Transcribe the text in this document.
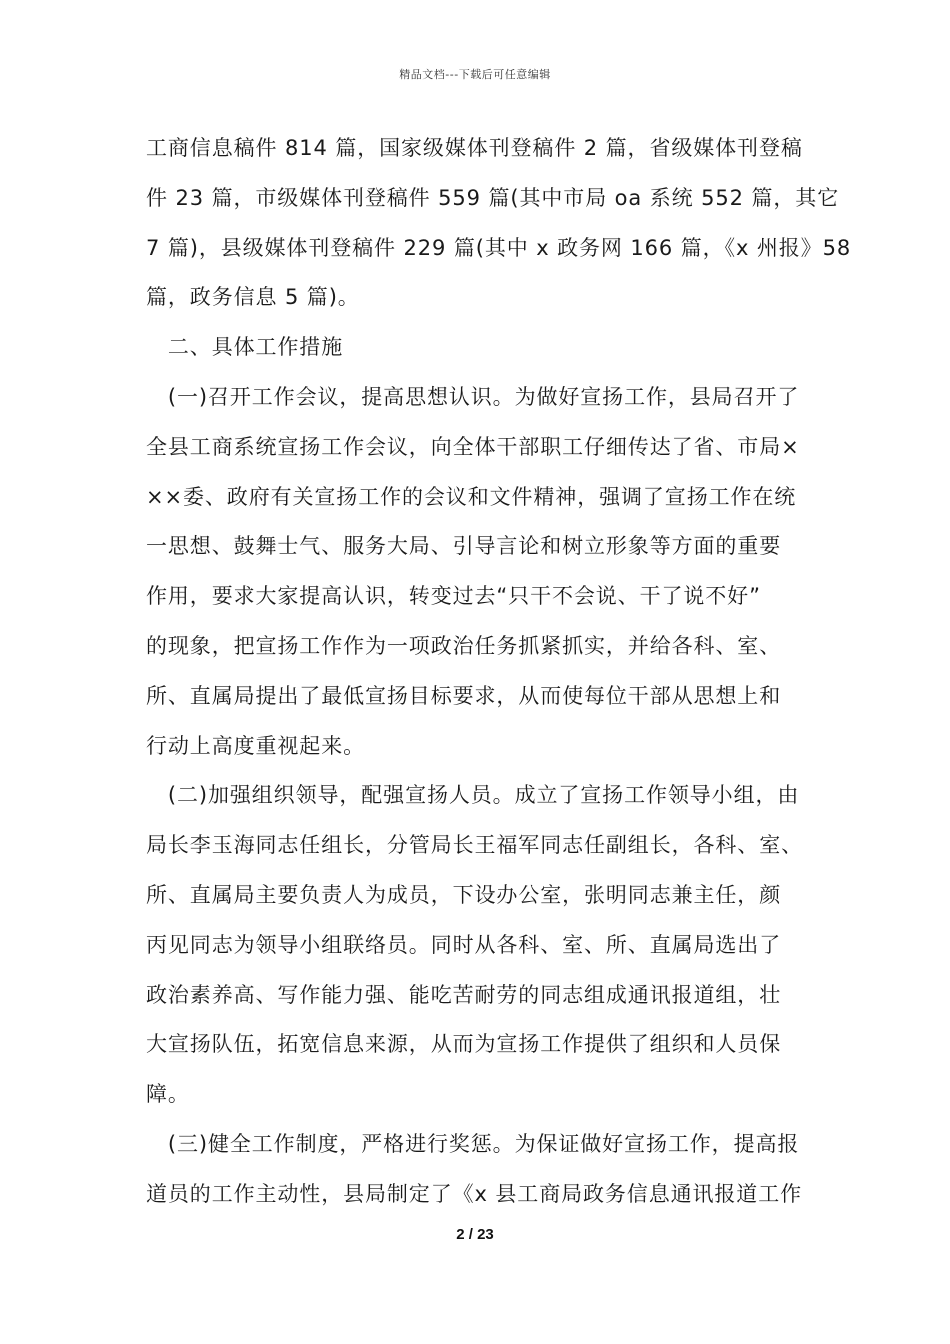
精品文档---下载后可任意编辑
工商信息稿件 814 篇，国家级媒体刊登稿件 2 篇，省级媒体刊登稿
件 23 篇，市级媒体刊登稿件 559 篇(其中市局 oa 系统 552 篇，其它
7 篇)，县级媒体刊登稿件 229 篇(其中 x 政务网 166 篇，《x 州报》58
篇，政务信息 5 篇)。
　二、具体工作措施
　(一)召开工作会议，提高思想认识。为做好宣扬工作，县局召开了
全县工商系统宣扬工作会议，向全体干部职工仔细传达了省、市局×
××委、政府有关宣扬工作的会议和文件精神，强调了宣扬工作在统
一思想、鼓舞士气、服务大局、引导言论和树立形象等方面的重要
作用，要求大家提高认识，转变过去“只干不会说、干了说不好”
的现象，把宣扬工作作为一项政治任务抓紧抓实，并给各科、室、
所、直属局提出了最低宣扬目标要求，从而使每位干部从思想上和
行动上高度重视起来。
　(二)加强组织领导，配强宣扬人员。成立了宣扬工作领导小组，由
局长李玉海同志任组长，分管局长王福军同志任副组长，各科、室、
所、直属局主要负责人为成员，下设办公室，张明同志兼主任，颜
丙见同志为领导小组联络员。同时从各科、室、所、直属局选出了
政治素养高、写作能力强、能吃苦耐劳的同志组成通讯报道组，壮
大宣扬队伍，拓宽信息来源，从而为宣扬工作提供了组织和人员保
障。
　(三)健全工作制度，严格进行奖惩。为保证做好宣扬工作，提高报
道员的工作主动性，县局制定了《x 县工商局政务信息通讯报道工作
2 / 23
